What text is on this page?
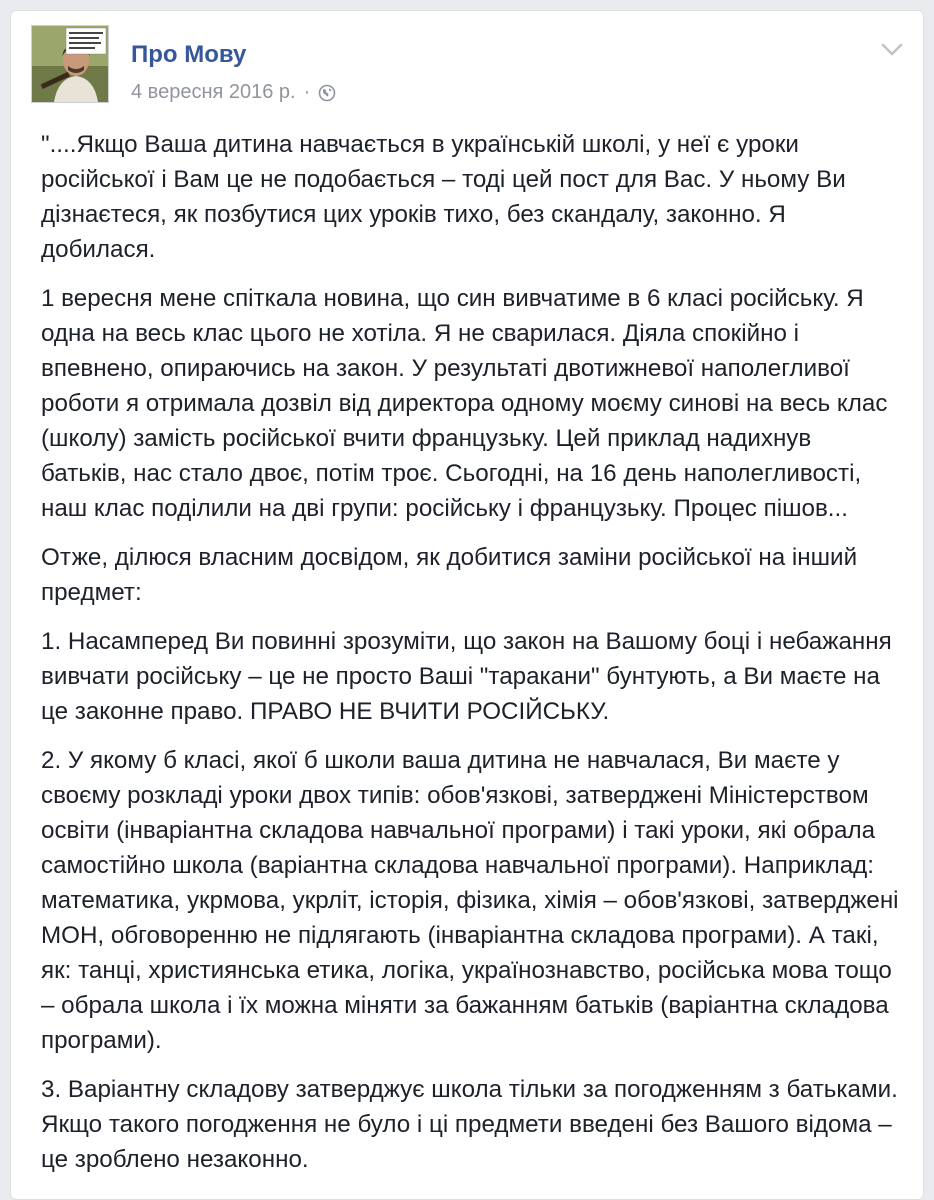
Про Мову
4 вересня 2016 р. ·

"....Якщо Ваша дитина навчається в українській школі, у неї є уроки російської і Вам це не подобається – тоді цей пост для Вас. У ньому Ви дізнаєтеся, як позбутися цих уроків тихо, без скандалу, законно. Я добилася.

1 вересня мене спіткала новина, що син вивчатиме в 6 класі російську. Я одна на весь клас цього не хотіла. Я не сварилася. Діяла спокійно і впевнено, опираючись на закон. У результаті двотижневої наполегливої роботи я отримала дозвіл від директора одному моєму синові на весь клас (школу) замість російської вчити французьку. Цей приклад надихнув батьків, нас стало двоє, потім троє. Сьогодні, на 16 день наполегливості, наш клас поділили на дві групи: російську і французьку. Процес пішов...

Отже, ділюся власним досвідом, як добитися заміни російської на інший предмет:

1. Насамперед Ви повинні зрозуміти, що закон на Вашому боці і небажання вивчати російську – це не просто Ваші "таракани" бунтують, а Ви маєте на це законне право. ПРАВО НЕ ВЧИТИ РОСІЙСЬКУ.

2. У якому б класі, якої б школи ваша дитина не навчалася, Ви маєте у своєму розкладі уроки двох типів: обов'язкові, затверджені Міністерством освіти (інваріантна складова навчальної програми) і такі уроки, які обрала самостійно школа (варіантна складова навчальної програми). Наприклад: математика, укрмова, укрліт, історія, фізика, хімія – обов'язкові, затверджені МОН, обговоренню не підлягають (інваріантна складова програми). А такі, як: танці, християнська етика, логіка, українознавство, російська мова тощо – обрала школа і їх можна міняти за бажанням батьків (варіантна складова програми).

3. Варіантну складову затверджує школа тільки за погодженням з батьками. Якщо такого погодження не було і ці предмети введені без Вашого відома – це зроблено незаконно.
